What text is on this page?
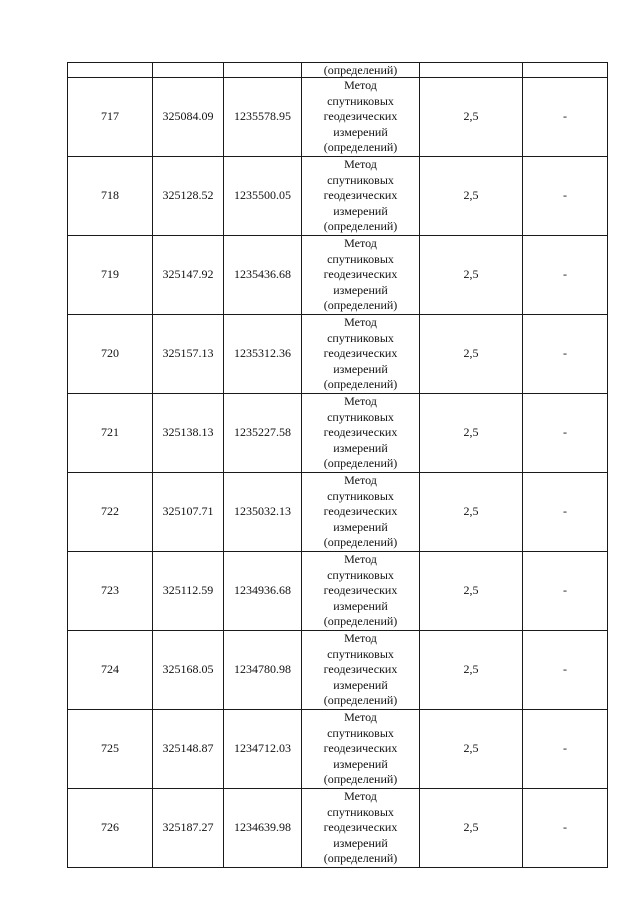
			(определений)		
717	325084.09	1235578.95	Метод
спутниковых
геодезических
измерений
(определений)	2,5	-
718	325128.52	1235500.05	Метод
спутниковых
геодезических
измерений
(определений)	2,5	-
719	325147.92	1235436.68	Метод
спутниковых
геодезических
измерений
(определений)	2,5	-
720	325157.13	1235312.36	Метод
спутниковых
геодезических
измерений
(определений)	2,5	-
721	325138.13	1235227.58	Метод
спутниковых
геодезических
измерений
(определений)	2,5	-
722	325107.71	1235032.13	Метод
спутниковых
геодезических
измерений
(определений)	2,5	-
723	325112.59	1234936.68	Метод
спутниковых
геодезических
измерений
(определений)	2,5	-
724	325168.05	1234780.98	Метод
спутниковых
геодезических
измерений
(определений)	2,5	-
725	325148.87	1234712.03	Метод
спутниковых
геодезических
измерений
(определений)	2,5	-
726	325187.27	1234639.98	Метод
спутниковых
геодезических
измерений
(определений)	2,5	-
